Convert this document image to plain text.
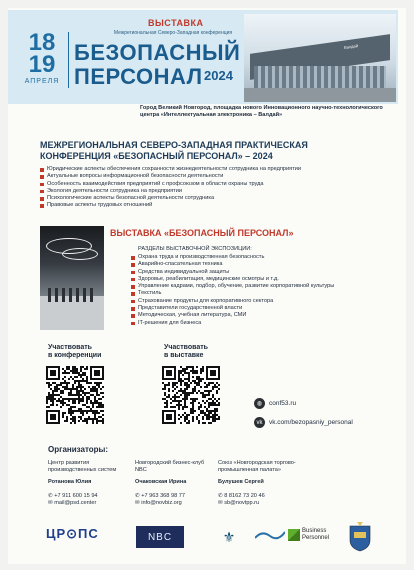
18
19
АПРЕЛЯ
ВЫСТАВКА
Межрегиональная Северо-Западная конференция
БЕЗОПАСНЫЙ
ПЕРСОНАЛ 2024
Валдай
Город Великий Новгород, площадка нового Инновационного научно-технологического центра «Интеллектуальная электроника – Валдай»
МЕЖРЕГИОНАЛЬНАЯ СЕВЕРО-ЗАПАДНАЯ ПРАКТИЧЕСКАЯ КОНФЕРЕНЦИЯ «БЕЗОПАСНЫЙ ПЕРСОНАЛ» – 2024
Юридические аспекты обеспечения сохранности жизнедеятельности сотрудника на предприятии
Актуальные вопросы информационной безопасности деятельности
Особенность взаимодействия предприятий с профсоюзом в области охраны труда
Экология деятельности сотрудника на предприятии
Психологические аспекты безопасной деятельности сотрудника
Правовые аспекты трудовых отношений
ВЫСТАВКА «БЕЗОПАСНЫЙ ПЕРСОНАЛ»
РАЗДЕЛЫ ВЫСТАВОЧНОЙ ЭКСПОЗИЦИИ:
Охрана труда и производственная безопасность
Аварийно-спасательная техника
Средства индивидуальной защиты
Здоровье, реабилитация, медицинские осмотры и т.д.
Управление кадрами, подбор, обучение, развитие корпоративной культуры
Текстиль
Страхование продукты для корпоративного сектора
Представители государственной власти
Методическая, учебная литература, СМИ
IT-решения для бизнеса
Участвовать
в конференции
Участвовать
в выставке
◍	conf53.ru
vk	vk.com/bezopasniy_personal
Организаторы:
Центр развития производственных систем
Ротанова Юлия
✆ +7 911 600 15 94
✉ mail@psd.center
Новгородский бизнес-клуб NBC
Очаковская Ирина
✆ +7 963 368 98 77
✉ info@novbiz.org
Союз «Новгородская торгово-промышленная палата»
Булушев Сергей
✆ 8 8162 73 20 46
✉ sb@novtpp.ru
ЦР⊙ПС	NBC	⚜	Business
Personnel
